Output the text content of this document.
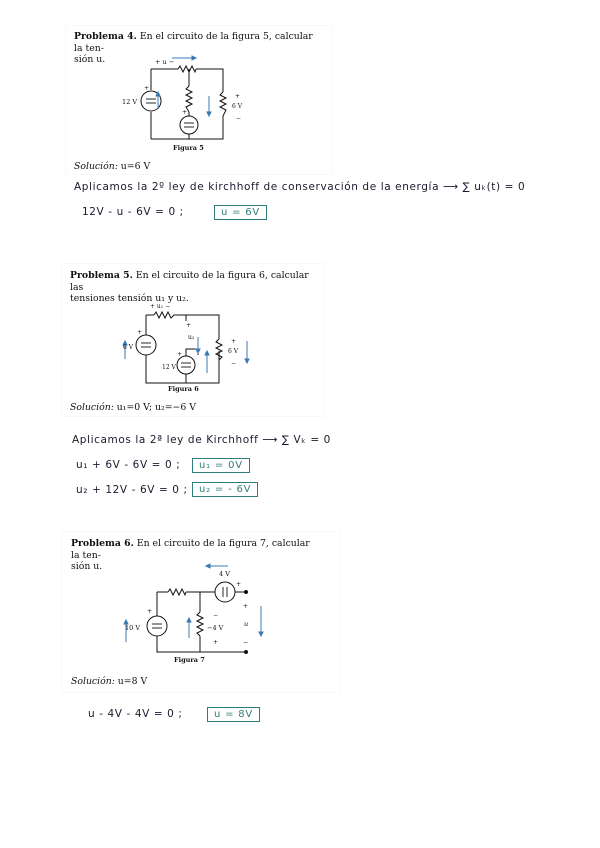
Problema 4. En el circuito de la figura 5, calcular la ten-
sión u.	+ u −
12 V
6 V
+
+
+
−
Figura 5
Solución: u=6 V
Aplicamos la 2º ley de kirchhoff de conservación de la energía ⟶ ∑ uₖ(t) = 0
12V - u - 6V = 0 ;	u = 6V
Problema 5. En el circuito de la figura 6, calcular las
tensiones tensión u₁ y u₂.
+ u₁ −
u₂
6 V
12 V
6 V
+
+
+
+
−
Figura 6
Solución: u₁=0 V; u₂=−6 V
Aplicamos la 2ª ley de Kirchhoff ⟶ ∑ Vₖ = 0
u₁ + 6V - 6V = 0 ;	u₁ = 0V
u₂ + 12V - 6V = 0 ;	u₂ = - 6V
Problema 6. En el circuito de la figura 7, calcular la ten-
sión u.
4 V
10 V	−4 V	u
+
+
+
−
−
+
Figura 7
Solución: u=8 V
u - 4V - 4V = 0 ;	u = 8V
